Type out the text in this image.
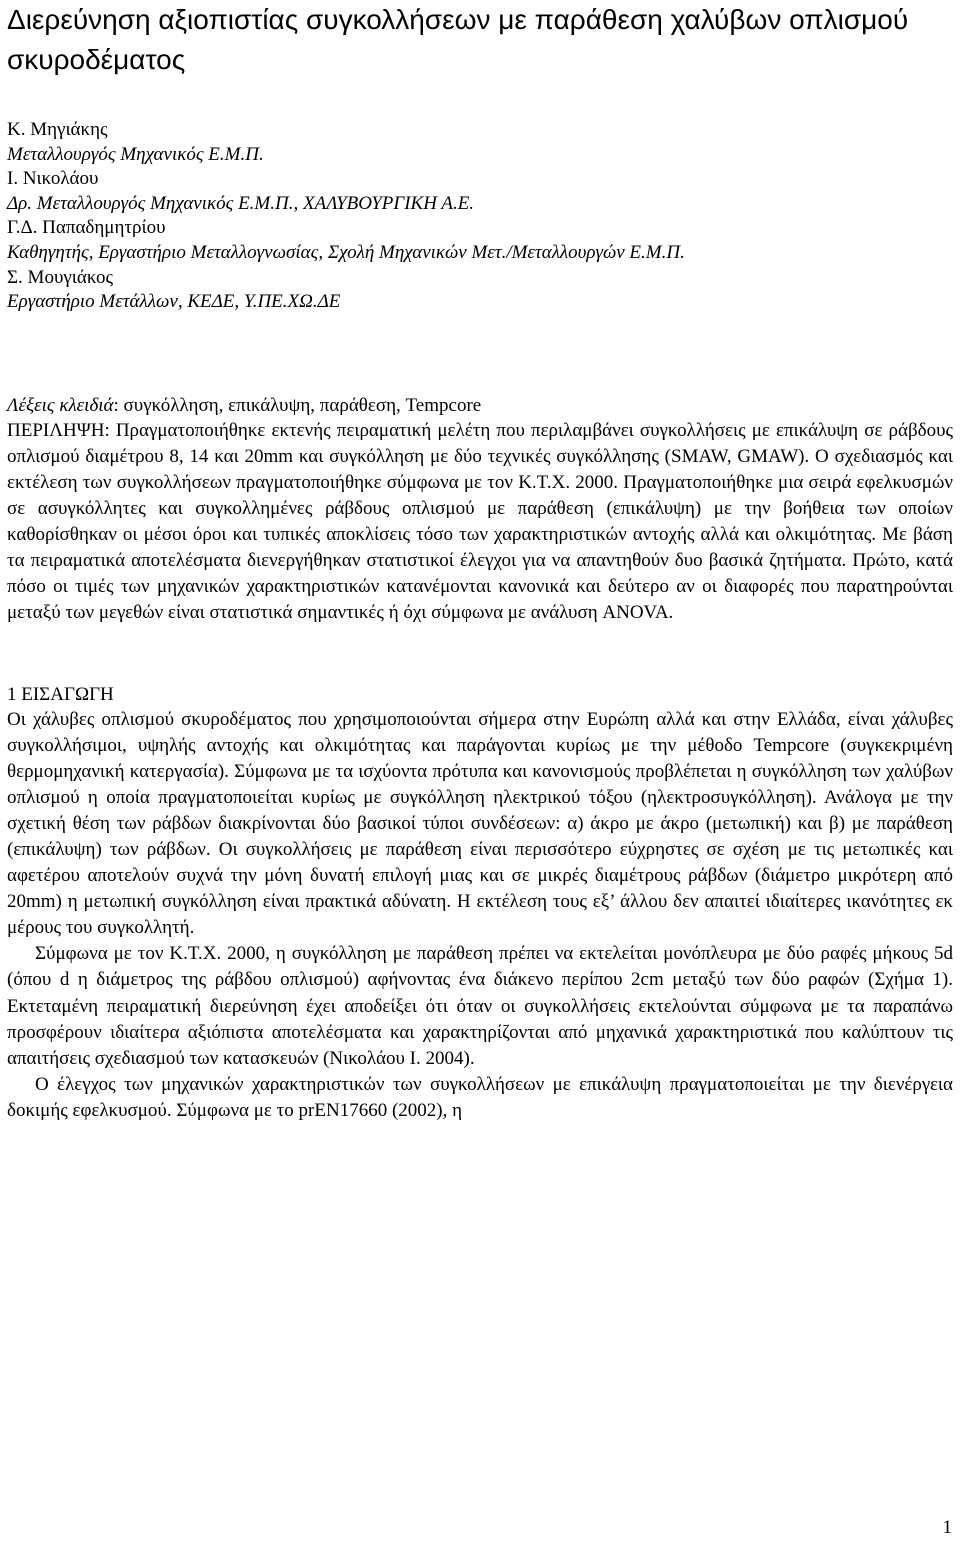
Διερεύνηση αξιοπιστίας συγκολλήσεων με παράθεση χαλύβων οπλισμού σκυροδέματος
Κ. Μηγιάκης
Μεταλλουργός Μηχανικός Ε.Μ.Π.
Ι. Νικολάου
Δρ. Μεταλλουργός Μηχανικός Ε.Μ.Π., ΧΑΛΥΒΟΥΡΓΙΚΗ Α.Ε.
Γ.Δ. Παπαδημητρίου
Καθηγητής, Εργαστήριο Μεταλλογνωσίας, Σχολή Μηχανικών Μετ./Μεταλλουργών Ε.Μ.Π.
Σ. Μουγιάκος
Εργαστήριο Μετάλλων, ΚΕΔΕ, Υ.ΠΕ.ΧΩ.ΔΕ
Λέξεις κλειδιά: συγκόλληση, επικάλυψη, παράθεση, Tempcore

ΠΕΡΙΛΗΨΗ: Πραγματοποιήθηκε εκτενής πειραματική μελέτη που περιλαμβάνει συγκολλήσεις με επικάλυψη σε ράβδους οπλισμού διαμέτρου 8, 14 και 20mm και συγκόλληση με δύο τεχνικές συγκόλλησης (SMAW, GMAW). Ο σχεδιασμός και εκτέλεση των συγκολλήσεων πραγματοποιήθηκε σύμφωνα με τον Κ.Τ.Χ. 2000. Πραγματοποιήθηκε μια σειρά εφελκυσμών σε ασυγκόλλητες και συγκολλημένες ράβδους οπλισμού με παράθεση (επικάλυψη) με την βοήθεια των οποίων καθορίσθηκαν οι μέσοι όροι και τυπικές αποκλίσεις τόσο των χαρακτηριστικών αντοχής αλλά και ολκιμότητας. Με βάση τα πειραματικά αποτελέσματα διενεργήθηκαν στατιστικοί έλεγχοι για να απαντηθούν δυο βασικά ζητήματα. Πρώτο, κατά πόσο οι τιμές των μηχανικών χαρακτηριστικών κατανέμονται κανονικά και δεύτερο αν οι διαφορές που παρατηρούνται μεταξύ των μεγεθών είναι στατιστικά σημαντικές ή όχι σύμφωνα με ανάλυση ANOVA.

1 ΕΙΣΑΓΩΓΗ

Οι χάλυβες οπλισμού σκυροδέματος που χρησιμοποιούνται σήμερα στην Ευρώπη αλλά και στην Ελλάδα, είναι χάλυβες συγκολλήσιμοι, υψηλής αντοχής και ολκιμότητας και παράγονται κυρίως με την μέθοδο Tempcore (συγκεκριμένη θερμομηχανική κατεργασία). Σύμφωνα με τα ισχύοντα πρότυπα και κανονισμούς προβλέπεται η συγκόλληση των χαλύβων οπλισμού η οποία πραγματοποιείται κυρίως με συγκόλληση ηλεκτρικού τόξου (ηλεκτροσυγκόλληση). Ανάλογα με την σχετική θέση των ράβδων διακρίνονται δύο βασικοί τύποι συνδέσεων: α) άκρο με άκρο (μετωπική) και β) με παράθεση (επικάλυψη) των ράβδων. Οι συγκολλήσεις με παράθεση είναι περισσότερο εύχρηστες σε σχέση με τις μετωπικές και αφετέρου αποτελούν συχνά την μόνη δυνατή επιλογή μιας και σε μικρές διαμέτρους ράβδων (διάμετρο μικρότερη από 20mm) η μετωπική συγκόλληση είναι πρακτικά αδύνατη. Η εκτέλεση τους εξ’ άλλου δεν απαιτεί ιδιαίτερες ικανότητες εκ μέρους του συγκολλητή.

Σύμφωνα με τον Κ.Τ.Χ. 2000, η συγκόλληση με παράθεση πρέπει να εκτελείται μονόπλευρα με δύο ραφές μήκους 5d (όπου d η διάμετρος της ράβδου οπλισμού) αφήνοντας ένα διάκενο περίπου 2cm μεταξύ των δύο ραφών (Σχήμα 1). Εκτεταμένη πειραματική διερεύνηση έχει αποδείξει ότι όταν οι συγκολλήσεις εκτελούνται σύμφωνα με τα παραπάνω προσφέρουν ιδιαίτερα αξιόπιστα αποτελέσματα και χαρακτηρίζονται από μηχανικά χαρακτηριστικά που καλύπτουν τις απαιτήσεις σχεδιασμού των κατασκευών (Νικολάου Ι. 2004).

Ο έλεγχος των μηχανικών χαρακτηριστικών των συγκολλήσεων με επικάλυψη πραγματοποιείται με την διενέργεια δοκιμής εφελκυσμού. Σύμφωνα με το prEN17660 (2002), η

1
